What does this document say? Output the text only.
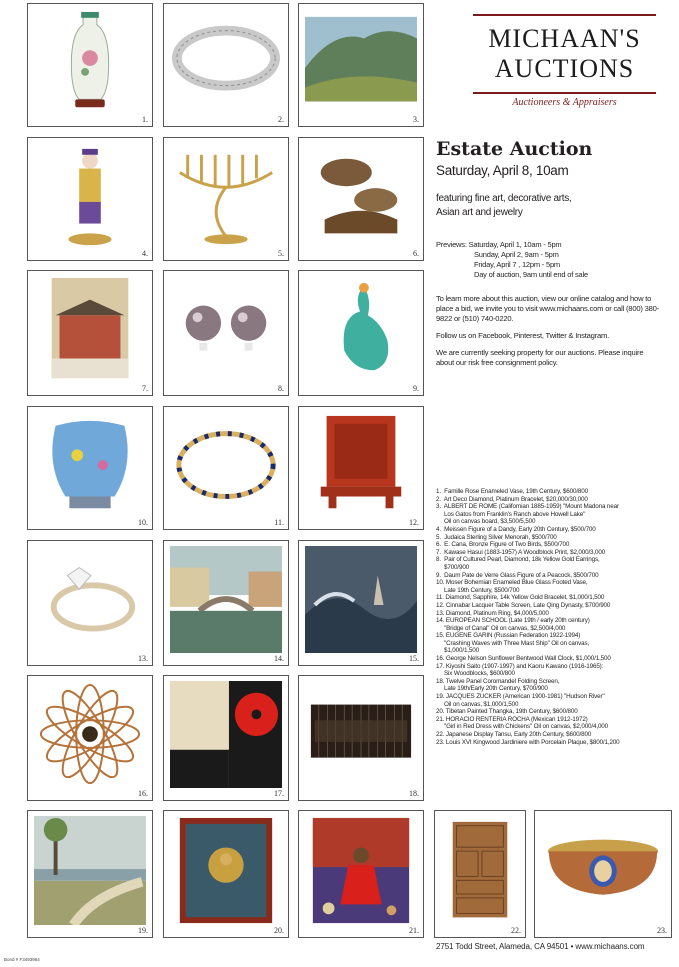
1.	2.	3.
4.	5.	6.
7.	8.	9.
10.	11.	12.
13.	14.	15.
16.	17.	18.
19.	20.	21.	22.	23.
MICHAAN'S
AUCTIONS
Auctioneers & Appraisers
Estate Auction
Saturday, April 8, 10am
featuring fine art, decorative arts,
Asian art and jewelry
Previews: Saturday, April 1, 10am - 5pm
Sunday, April 2, 9am - 5pm
Friday, April 7 , 12pm - 5pm
Day of auction, 9am until end of sale

To learn more about this auction, view our online catalog and how to place a bid, we invite you to visit www.michaans.com or call (800) 380-9822 or (510) 740-0220.

Follow us on Facebook, Pinterest, Twitter & Instagram.

We are currently seeking property for our auctions. Please inquire about our risk free consignment policy.

1.  Famille Rose Enameled Vase, 19th Century, $600/800
2.  Art Deco Diamond, Platinum Bracelet, $20,000/30,000
3.  ALBERT DE ROME (Californian 1885-1959) "Mount Madona near
Los Gatos from Franklin's Ranch above Howell Lake"
Oil on canvas board, $3,500/5,500
4.  Meissen Figure of a Dandy, Early 20th Century, $500/700
5.  Judaica Sterling Silver Menorah, $500/700
6.  E. Cana, Bronze Figure of Two Birds, $500/700
7.  Kawase Hasui (1883-1957) A Woodblock Print, $2,000/3,000
8.  Pair of Cultured Pearl, Diamond, 18k Yellow Gold Earrings,
$700/900
9.  Daum Pate de Verre Glass Figure of a Peacock, $500/700
10. Moser Bohemian Enameled Blue Glass Footed Vase,
Late 19th Century, $500/700
11. Diamond, Sapphire, 14k Yellow Gold Bracelet, $1,000/1,500
12. Cinnabar Lacquer Table Screen, Late Qing Dynasty, $700/900
13. Diamond, Platinum Ring, $4,000/5,000
14. EUROPEAN SCHOOL (Late 19th / early 20th century)
"Bridge of Canal" Oil on canvas, $2,500/4,000
15. EUGENE GARIN (Russian Federation 1922-1994)
"Crashing Waves with Three Mast Ship" Oil on canvas,
$1,000/1,500
16. George Nelson Sunflower Bentwood Wall Clock, $1,000/1,500
17. Kiyoshi Saito (1907-1997) and Kaoru Kawano (1916-1965):
Six Woodblocks, $600/800
18. Twelve Panel Coromandel Folding Screen,
Late 19th/Early 20th Century, $700/900
19. JACQUES ZUCKER (American 1900-1981) "Hudson River"
Oil on canvas, $1,000/1,500
20. Tibetan Painted Thangka, 19th Century, $600/800
21. HORACIO RENTERIA ROCHA (Mexican 1912-1972)
"Girl in Red Dress with Chickens" Oil on canvas, $2,000/4,000
22. Japanese Display Tansu, Early 20th Century, $600/800
23. Louis XVI Kingwood Jardiniere with Porcelain Plaque, $800/1,200
2751 Todd Street, Alameda, CA 94501 • www.michaans.com
Bond # F3493964
